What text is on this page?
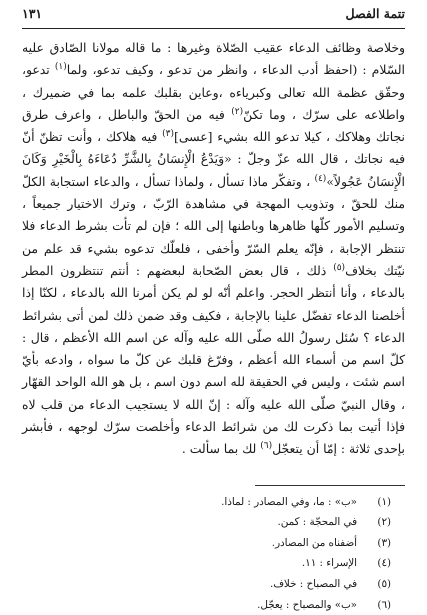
تتمة الفصل
١٣١

وخلاصة وظائف الدعاء عقيب الصّلاة وغيرها : ما قاله مولانا الصّادق عليه السّلام : (احفظ أدب الدعاء ، وانظر من تدعو ، وكيف تدعو، ولما$^{(١)}$ تدعو، وحقّق عظمة الله تعالى وكبرياءه ،وعاين بقلبك علمه بما في ضميرك ، واطلاعه على سرّك ، وما تكنّ$^{(٢)}$ فيه من الحقّ والباطل ، واعرف طرق نجاتك وهلاكك ، كيلا تدعو الله بشيء [عسى]$^{(٣)}$ فيه هلاكك ، وأنت تظنّ أنّ فيه نجاتك ، قال الله عزّ وجلّ : «وَيَدْعُ الْإِنسَانُ بِالشَّرِّ دُعَاءَهُ بِالْخَيْرِ وَكَانَ الْإِنسَانُ عَجُولاً»$^{(٤)}$ ، وتفكّر ماذا تسأل ، ولماذا تسأل ، والدعاء استجابة الكلّ منك للحقّ ، وتذويب المهجة في مشاهدة الرّبّ ، وترك الاختيار جميعاً ، وتسليم الأمور كلّها ظاهرها وباطنها إلى الله ؛ فإن لم تأت بشرط الدعاء فلا تنتظر الإجابة ، فإنّه يعلم السّرّ وأخفى ، فلعلّك تدعوه بشيء قد علم من نيّتك بخلاف$^{(٥)}$ ذلك ، قال بعض الصّحابة لبعضهم : أنتم تنتظرون المطر بالدعاء ، وأنا أنتظر الحجر. واعلم أنّه لو لم يكن أمرنا الله بالدعاء ، لكنّا إذا أخلصنا الدعاء تفضّل علينا بالإجابة ، فكيف وقد ضمن ذلك لمن أتى بشرائط الدعاء ؟ سُئل رسولُ الله صلّى الله عليه وآله عن اسم الله الأعظم ، قال : كلّ اسم من أسماء الله أعظم ، وفرّغ قلبك عن كلّ ما سواه ، وادعه بأيّ اسم شئت ، وليس في الحقيقة لله اسم دون اسم ، بل هو الله الواحد القهّار ، وقال النبيّ صلّى الله عليه وآله : إنّ الله لا يستجيب الدعاء من قلب لاه فإذا أتيت بما ذكرت لك من شرائط الدعاء وأخلصت سرّك لوجهه ، فأبشر بإحدى ثلاثة : إمّا أن يتعجّل$^{(٦)}$ لك بما سألت .

(١)
«ب» : ما، وفي المصادر : لماذا.
(٢)
في المحجّة : كمن.
(٣)
أضفناه من المصادر.
(٤)
الإسراء : ١١.
(٥)
في المصباح : خلاف.
(٦)
«ب» والمصباح : يعجّل.
